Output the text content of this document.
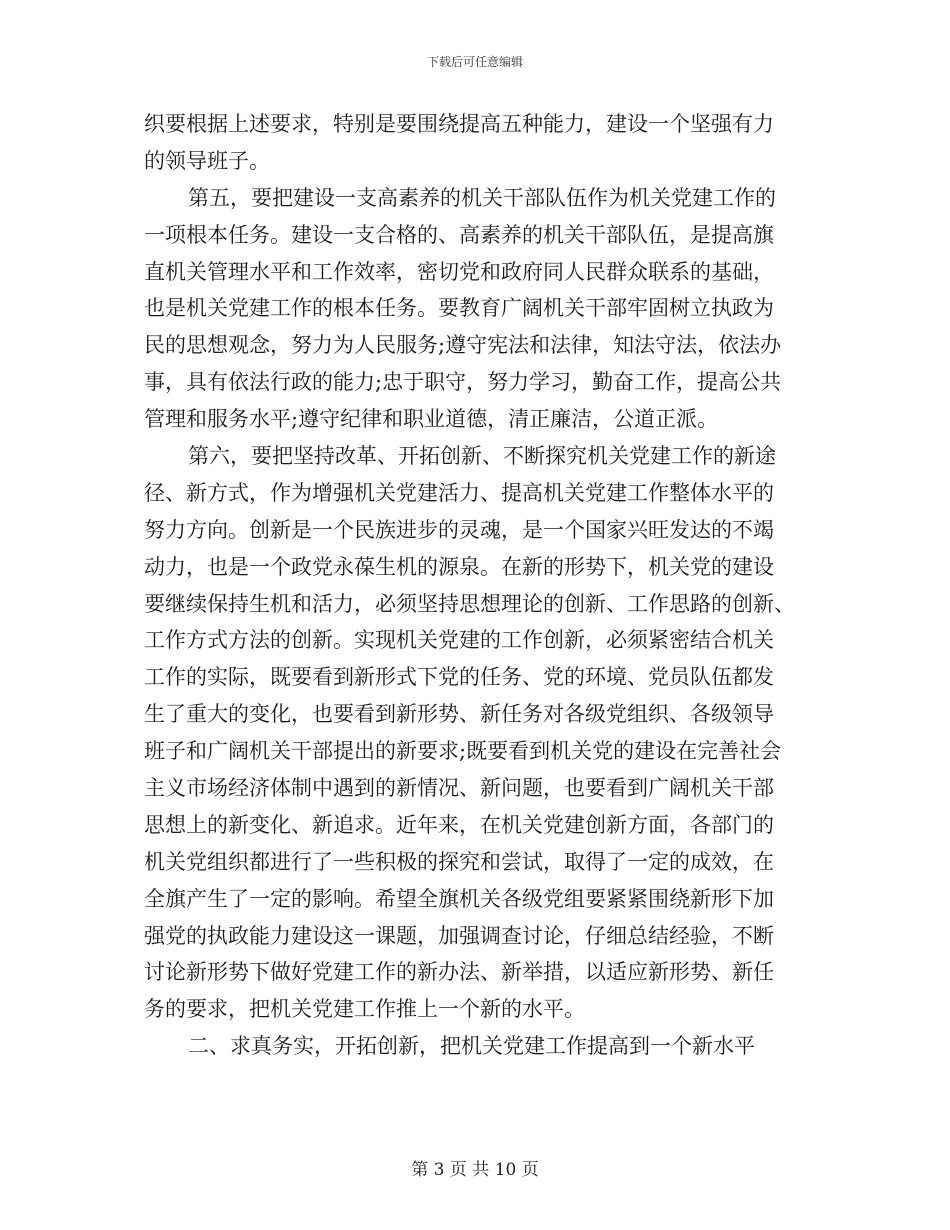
下载后可任意编辑
织要根据上述要求，特别是要围绕提高五种能力，建设一个坚强有力
的领导班子。
第五，要把建设一支高素养的机关干部队伍作为机关党建工作的
一项根本任务。建设一支合格的、高素养的机关干部队伍，是提高旗
直机关管理水平和工作效率，密切党和政府同人民群众联系的基础，
也是机关党建工作的根本任务。要教育广阔机关干部牢固树立执政为
民的思想观念，努力为人民服务;遵守宪法和法律，知法守法，依法办
事，具有依法行政的能力;忠于职守，努力学习，勤奋工作，提高公共
管理和服务水平;遵守纪律和职业道德，清正廉洁，公道正派。
第六，要把坚持改革、开拓创新、不断探究机关党建工作的新途
径、新方式，作为增强机关党建活力、提高机关党建工作整体水平的
努力方向。创新是一个民族进步的灵魂，是一个国家兴旺发达的不竭
动力，也是一个政党永葆生机的源泉。在新的形势下，机关党的建设
要继续保持生机和活力，必须坚持思想理论的创新、工作思路的创新、
工作方式方法的创新。实现机关党建的工作创新，必须紧密结合机关
工作的实际，既要看到新形式下党的任务、党的环境、党员队伍都发
生了重大的变化，也要看到新形势、新任务对各级党组织、各级领导
班子和广阔机关干部提出的新要求;既要看到机关党的建设在完善社会
主义市场经济体制中遇到的新情况、新问题，也要看到广阔机关干部
思想上的新变化、新追求。近年来，在机关党建创新方面，各部门的
机关党组织都进行了一些积极的探究和尝试，取得了一定的成效，在
全旗产生了一定的影响。希望全旗机关各级党组要紧紧围绕新形下加
强党的执政能力建设这一课题，加强调查讨论，仔细总结经验，不断
讨论新形势下做好党建工作的新办法、新举措，以适应新形势、新任
务的要求，把机关党建工作推上一个新的水平。
二、求真务实，开拓创新，把机关党建工作提高到一个新水平
第 3 页 共 10 页
